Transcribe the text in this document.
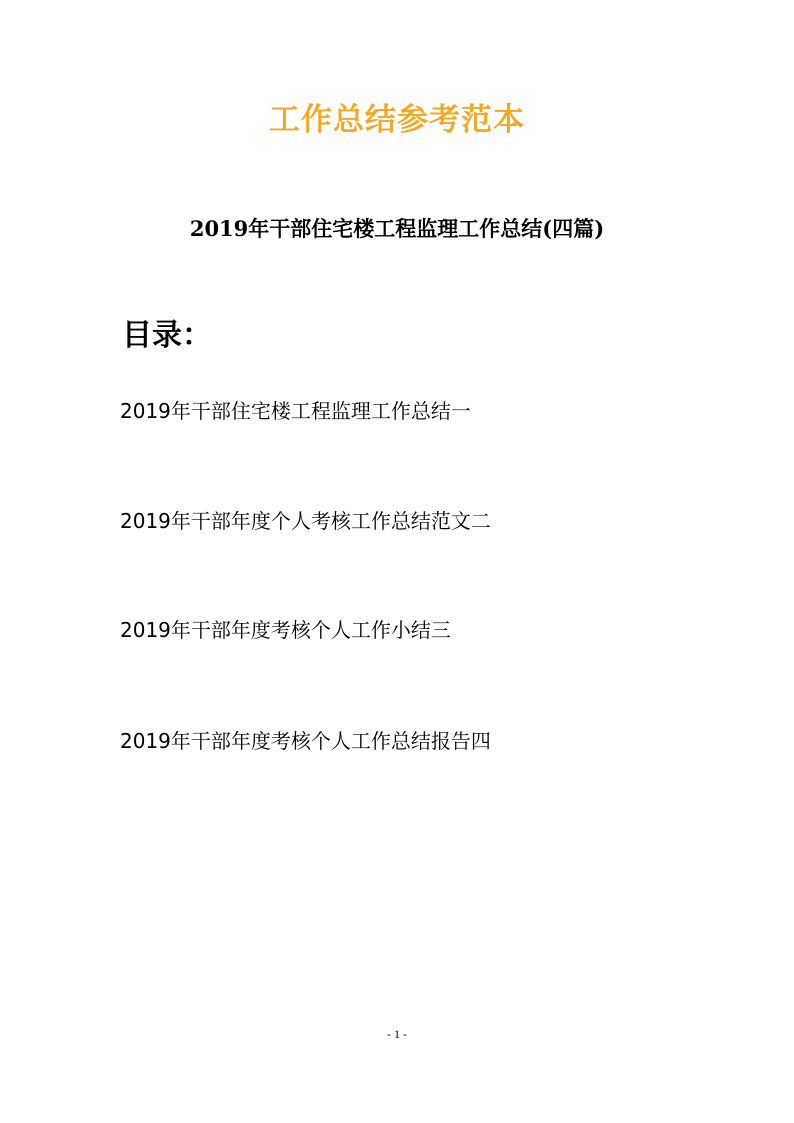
工作总结参考范本
2019年干部住宅楼工程监理工作总结(四篇)
目录：
2019年干部住宅楼工程监理工作总结一
2019年干部年度个人考核工作总结范文二
2019年干部年度考核个人工作小结三
2019年干部年度考核个人工作总结报告四
- 1 -
